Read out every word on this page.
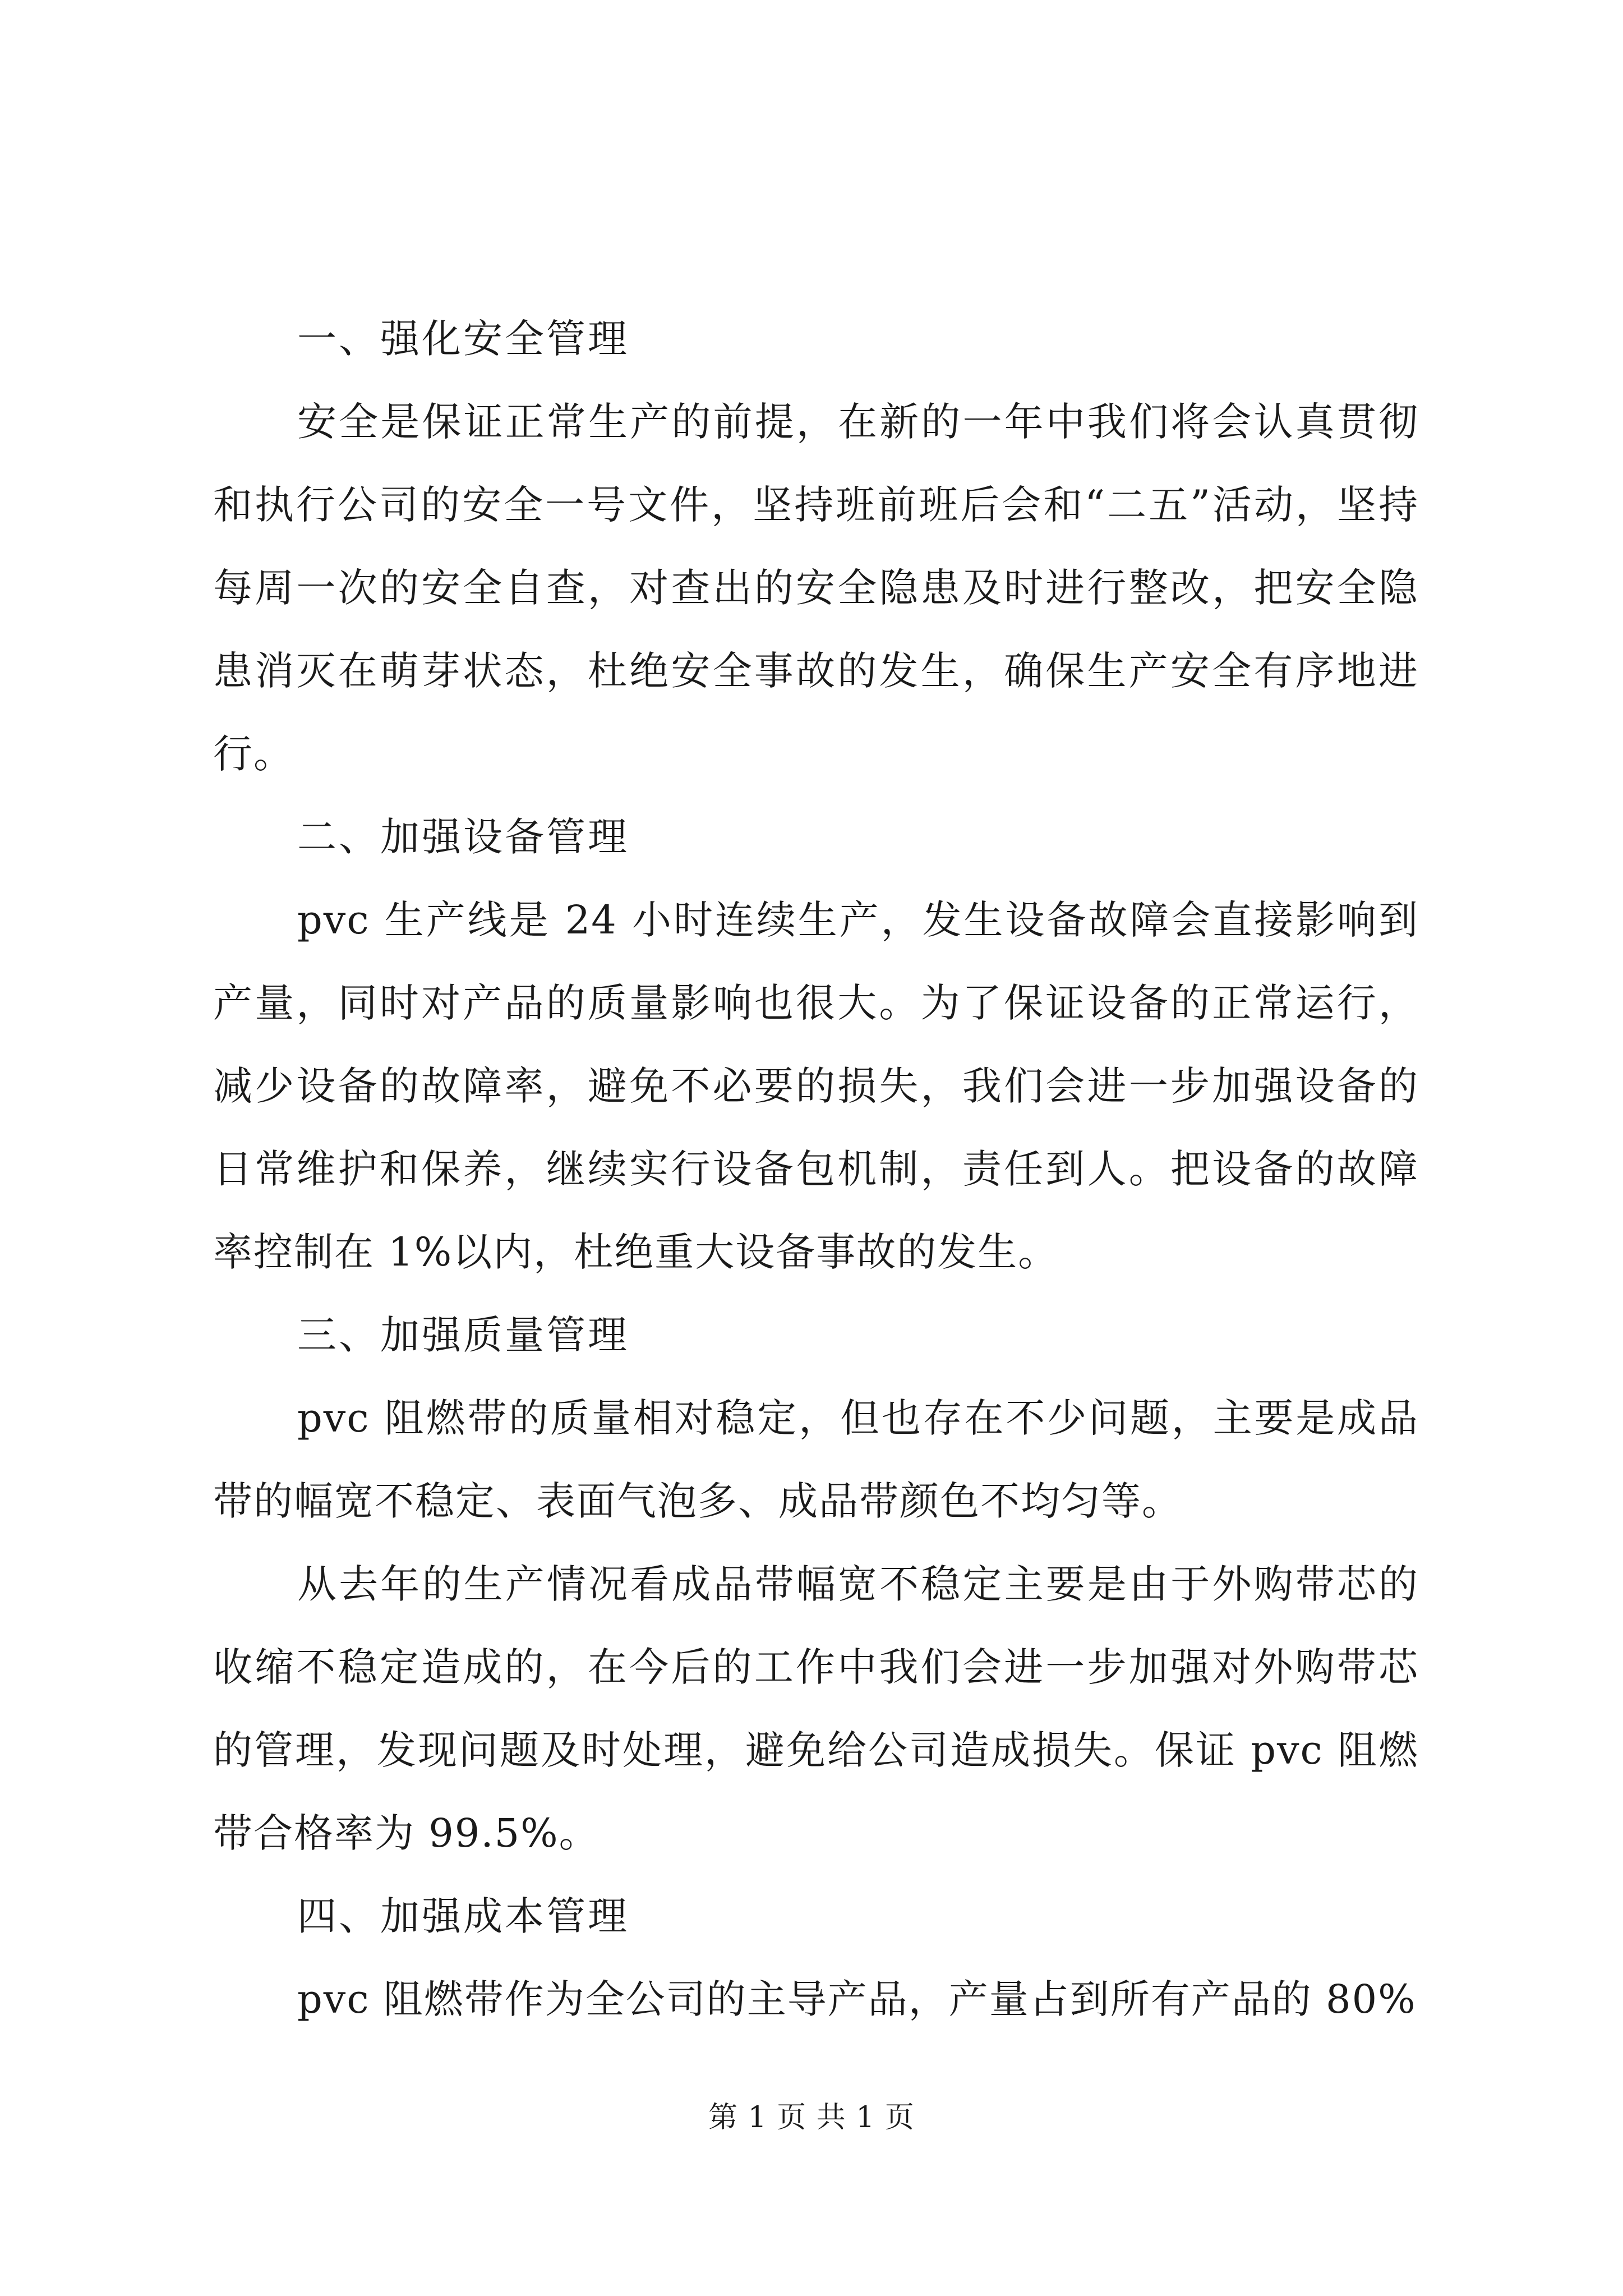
一、强化安全管理

安全是保证正常生产的前提，在新的一年中我们将会认真贯彻和执行公司的安全一号文件，坚持班前班后会和“二五”活动，坚持每周一次的安全自查，对查出的安全隐患及时进行整改，把安全隐患消灭在萌芽状态，杜绝安全事故的发生，确保生产安全有序地进行。

二、加强设备管理

pvc 生产线是 24 小时连续生产，发生设备故障会直接影响到产量，同时对产品的质量影响也很大。为了保证设备的正常运行，减少设备的故障率，避免不必要的损失，我们会进一步加强设备的日常维护和保养，继续实行设备包机制，责任到人。把设备的故障率控制在 1%以内，杜绝重大设备事故的发生。

三、加强质量管理

pvc 阻燃带的质量相对稳定，但也存在不少问题，主要是成品带的幅宽不稳定、表面气泡多、成品带颜色不均匀等。

从去年的生产情况看成品带幅宽不稳定主要是由于外购带芯的收缩不稳定造成的，在今后的工作中我们会进一步加强对外购带芯的管理，发现问题及时处理，避免给公司造成损失。保证 pvc 阻燃带合格率为 99.5%。

四、加强成本管理

pvc 阻燃带作为全公司的主导产品，产量占到所有产品的 80%

第 1 页 共 1 页
